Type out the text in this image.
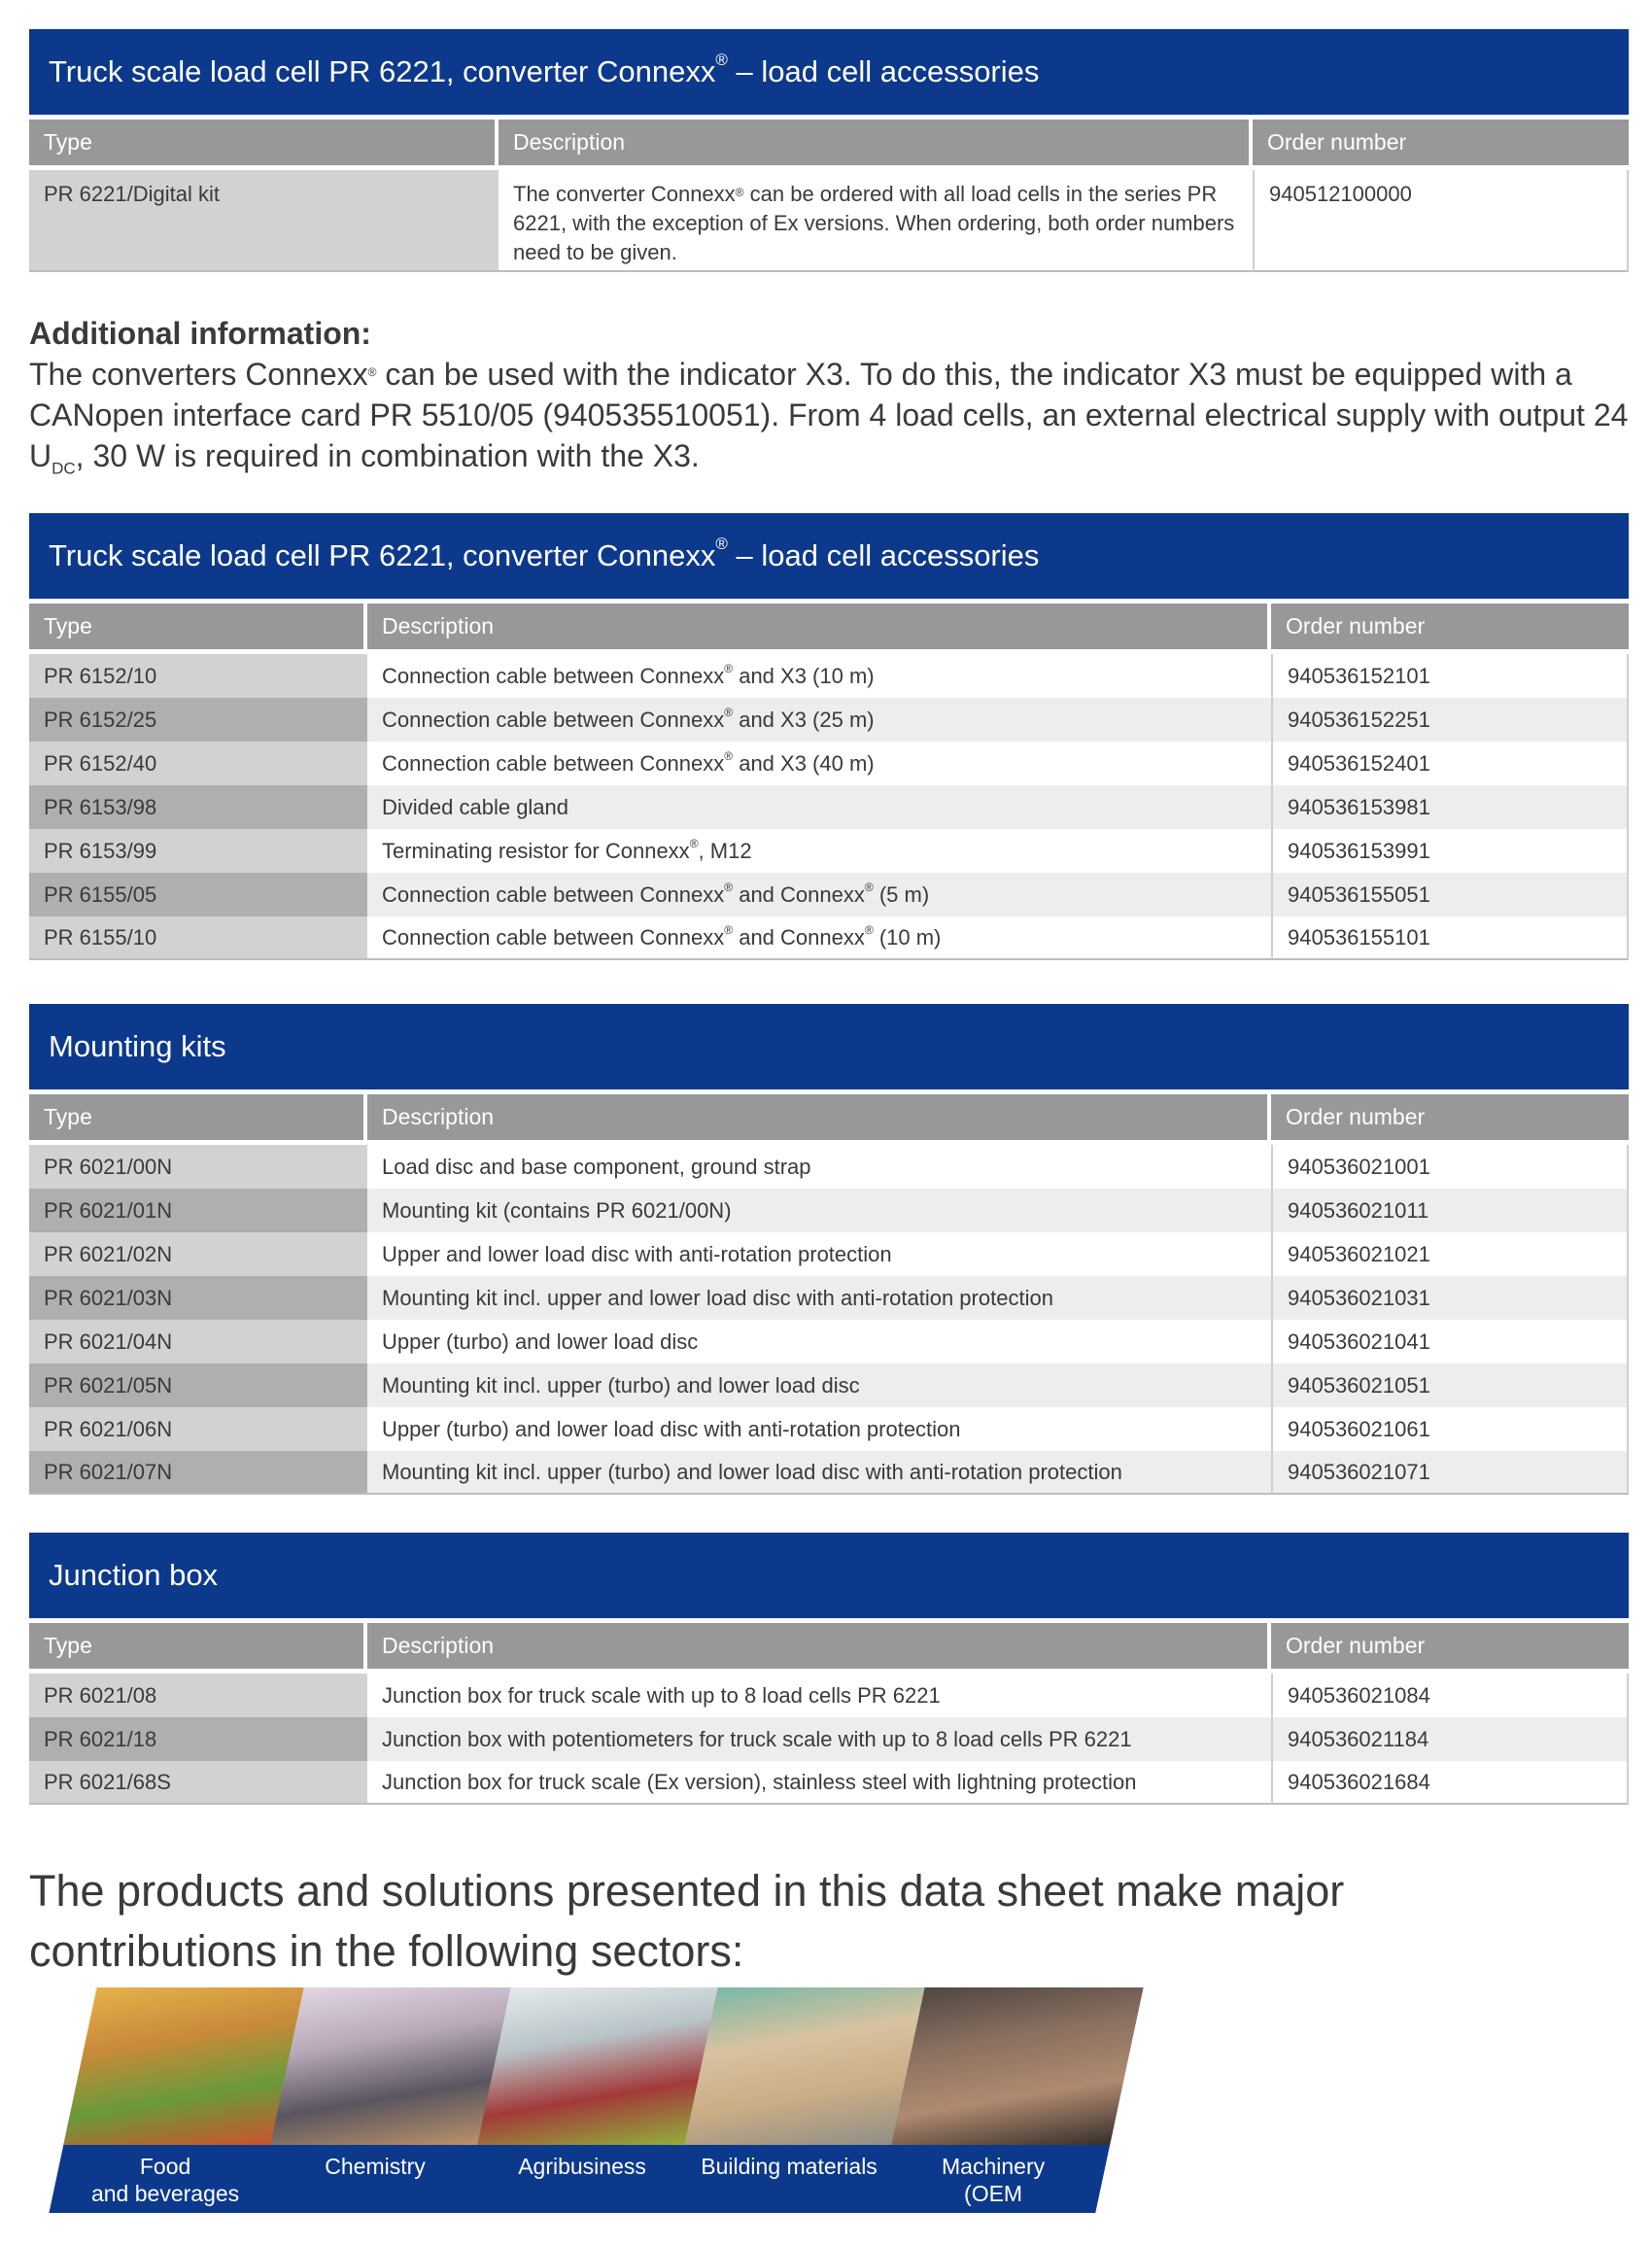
Truck scale load cell PR 6221, converter Connexx® – load cell accessories
Type	Description	Order number
PR 6221/Digital kit	The converter Connexx® can be ordered with all load cells in the series PR 6221, with the exception of Ex versions. When ordering, both order numbers need to be given.	940512100000
Additional information:
The converters Connexx® can be used with the indicator X3. To do this, the indicator X3 must be equipped with a CANopen interface card PR 5510/05 (940535510051). From 4 load cells, an external electrical supply with output 24 $U_{DC}$, 30 W is required in combination with the X3.
Truck scale load cell PR 6221, converter Connexx® – load cell accessories
Type	Description	Order number
PR 6152/10	Connection cable between Connexx® and X3 (10 m)	940536152101
PR 6152/25	Connection cable between Connexx® and X3 (25 m)	940536152251
PR 6152/40	Connection cable between Connexx® and X3 (40 m)	940536152401
PR 6153/98	Divided cable gland	940536153981
PR 6153/99	Terminating resistor for Connexx®, M12	940536153991
PR 6155/05	Connection cable between Connexx® and Connexx® (5 m)	940536155051
PR 6155/10	Connection cable between Connexx® and Connexx® (10 m)	940536155101
Mounting kits
Type	Description	Order number
PR 6021/00N	Load disc and base component, ground strap	940536021001
PR 6021/01N	Mounting kit (contains PR 6021/00N)	940536021011
PR 6021/02N	Upper and lower load disc with anti-rotation protection	940536021021
PR 6021/03N	Mounting kit incl. upper and lower load disc with anti-rotation protection	940536021031
PR 6021/04N	Upper (turbo) and lower load disc	940536021041
PR 6021/05N	Mounting kit incl. upper (turbo) and lower load disc	940536021051
PR 6021/06N	Upper (turbo) and lower load disc with anti-rotation protection	940536021061
PR 6021/07N	Mounting kit incl. upper (turbo) and lower load disc with anti-rotation protection	940536021071
Junction box
Type	Description	Order number
PR 6021/08	Junction box for truck scale with up to 8 load cells PR 6221	940536021084
PR 6021/18	Junction box with potentiometers for truck scale with up to 8 load cells PR 6221	940536021184
PR 6021/68S	Junction box for truck scale (Ex version), stainless steel with lightning protection	940536021684
The products and solutions presented in this data sheet make major contributions in the following sectors:
Food
and beverages
Chemistry	Agribusiness	Building materials	Machinery
(OEM
